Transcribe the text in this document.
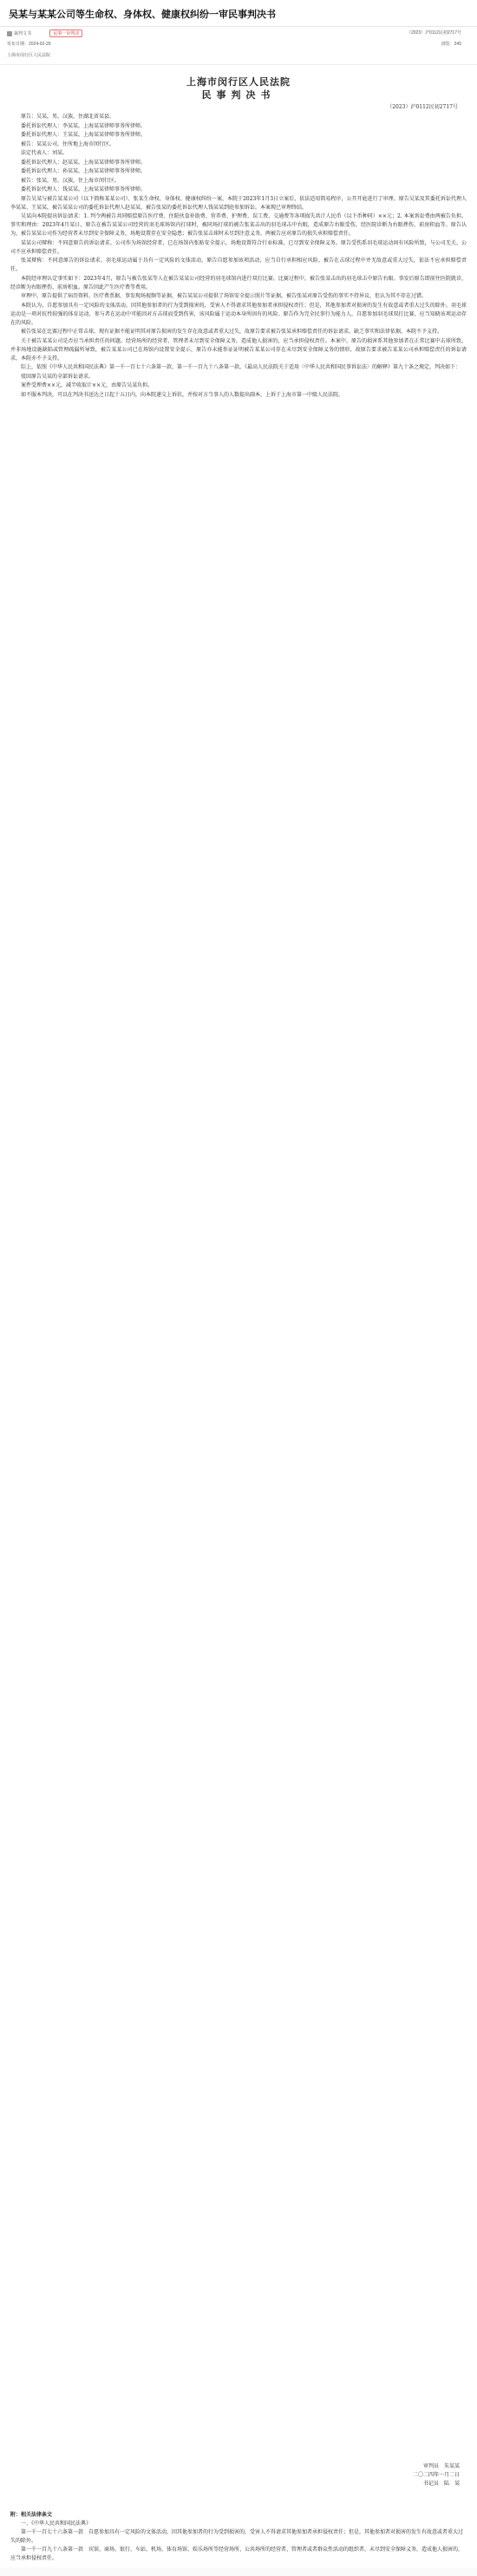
吴某与某某公司等生命权、身体权、健康权纠纷一审民事判决书
裁判文书	民事一审判决	（2023）沪0112民初2717号
发布日期：2024-02-29	浏览：245
上海市闵行区人民法院
上海市闵行区人民法院
民事判决书
（2023）沪0112民初2717号

原告：吴某，男，汉族，住湖北省某县。

委托诉讼代理人：李某某，上海某某律师事务所律师。

委托诉讼代理人：王某某，上海某某律师事务所律师。

被告：某某公司，住所地上海市闵行区。

法定代表人：刘某。

委托诉讼代理人：赵某某，上海某某律师事务所律师。

委托诉讼代理人：孙某某，上海某某律师事务所律师。

被告：张某，男，汉族，住上海市闵行区。

委托诉讼代理人：钱某某，上海某某律师事务所律师。

原告吴某与被告某某公司（以下简称某某公司）、张某生命权、身体权、健康权纠纷一案，本院于2023年1月3日立案后，依法适用简易程序，公开开庭进行了审理。原告吴某及其委托诉讼代理人李某某、王某某，被告某某公司的委托诉讼代理人赵某某，被告张某的委托诉讼代理人钱某某到庭参加诉讼。本案现已审理终结。

吴某向本院提出诉讼请求：1. 判令两被告共同赔偿原告医疗费、住院伙食补助费、营养费、护理费、误工费、交通费等各项损失共计人民币（以下币种同）××元；2. 本案诉讼费由两被告负担。事实和理由：2023年4月某日，原告在被告某某公司经营的羽毛球场馆内打球时，被同场打球的被告张某击出的羽毛球击中右眼，造成原告右眼受伤，经医院诊断为右眼挫伤、前房积血等。原告认为，被告某某公司作为经营者未尽到安全保障义务，场地设置存在安全隐患；被告张某击球时未尽到注意义务，两被告应对原告的损失承担赔偿责任。

某某公司辩称：不同意原告的诉讼请求。公司作为场馆经营者，已在场馆内张贴安全提示，场地设置符合行业标准，已尽到安全保障义务。原告受伤系羽毛球运动固有风险所致，与公司无关，公司不应承担赔偿责任。

张某辩称：不同意原告的诉讼请求。羽毛球运动属于具有一定风险的文体活动，原告自愿参加该项活动，应当自行承担相应风险。被告在击球过程中并无故意或重大过失，依法不应承担赔偿责任。

本院经审理认定事实如下：2023年4月，原告与被告张某等人在被告某某公司经营的羽毛球馆内进行双打比赛。比赛过程中，被告张某击出的羽毛球击中原告右眼。事发后原告即前往医院就诊，经诊断为右眼挫伤、前房积血。原告因此产生医疗费等费用。

审理中，原告提供了病历资料、医疗费票据、事发现场视频等证据，被告某某公司提供了场馆安全提示照片等证据，被告张某对原告受伤的事实不持异议，但认为其不存在过错。

本院认为，自愿参加具有一定风险的文体活动，因其他参加者的行为受到损害的，受害人不得请求其他参加者承担侵权责任；但是，其他参加者对损害的发生有故意或者重大过失的除外。羽毛球运动是一项对抗性较强的体育运动，参与者在运动中可能因对方击球而受到伤害，该风险属于运动本身所固有的风险。原告作为完全民事行为能力人，自愿参加羽毛球双打比赛，应当知晓该项运动存在的风险。

被告张某在比赛过程中正常击球，现有证据不能证明其对原告损害的发生存在故意或者重大过失，故原告要求被告张某承担赔偿责任的诉讼请求，缺乏事实和法律依据，本院不予支持。

关于被告某某公司是否应当承担责任的问题。经营场所的经营者、管理者未尽到安全保障义务，造成他人损害的，应当承担侵权责任。本案中，原告的损害系其他参加者在正常比赛中击球所致，并非场地设施缺陷或管理疏漏所导致，被告某某公司已在场馆内设置安全提示，原告亦未能举证证明被告某某公司存在未尽到安全保障义务的情形，故原告要求被告某某公司承担赔偿责任的诉讼请求，本院亦不予支持。

综上，依照《中华人民共和国民法典》第一千一百七十六条第一款、第一千一百九十八条第一款，《最高人民法院关于适用〈中华人民共和国民事诉讼法〉的解释》第九十条之规定，判决如下：

驳回原告吴某的全部诉讼请求。

案件受理费××元，减半收取计××元，由原告吴某负担。

如不服本判决，可以在判决书送达之日起十五日内，向本院递交上诉状，并按对方当事人的人数提出副本，上诉于上海市第一中级人民法院。

审判员　朱某某
二〇二四年一月二日
书记员　陆　某

附：相关法律条文

一、《中华人民共和国民法典》

第一千一百七十六条第一款　自愿参加具有一定风险的文体活动，因其他参加者的行为受到损害的，受害人不得请求其他参加者承担侵权责任；但是，其他参加者对损害的发生有故意或者重大过失的除外。

第一千一百九十八条第一款　宾馆、商场、银行、车站、机场、体育场馆、娱乐场所等经营场所、公共场所的经营者、管理者或者群众性活动的组织者，未尽到安全保障义务，造成他人损害的，应当承担侵权责任。
